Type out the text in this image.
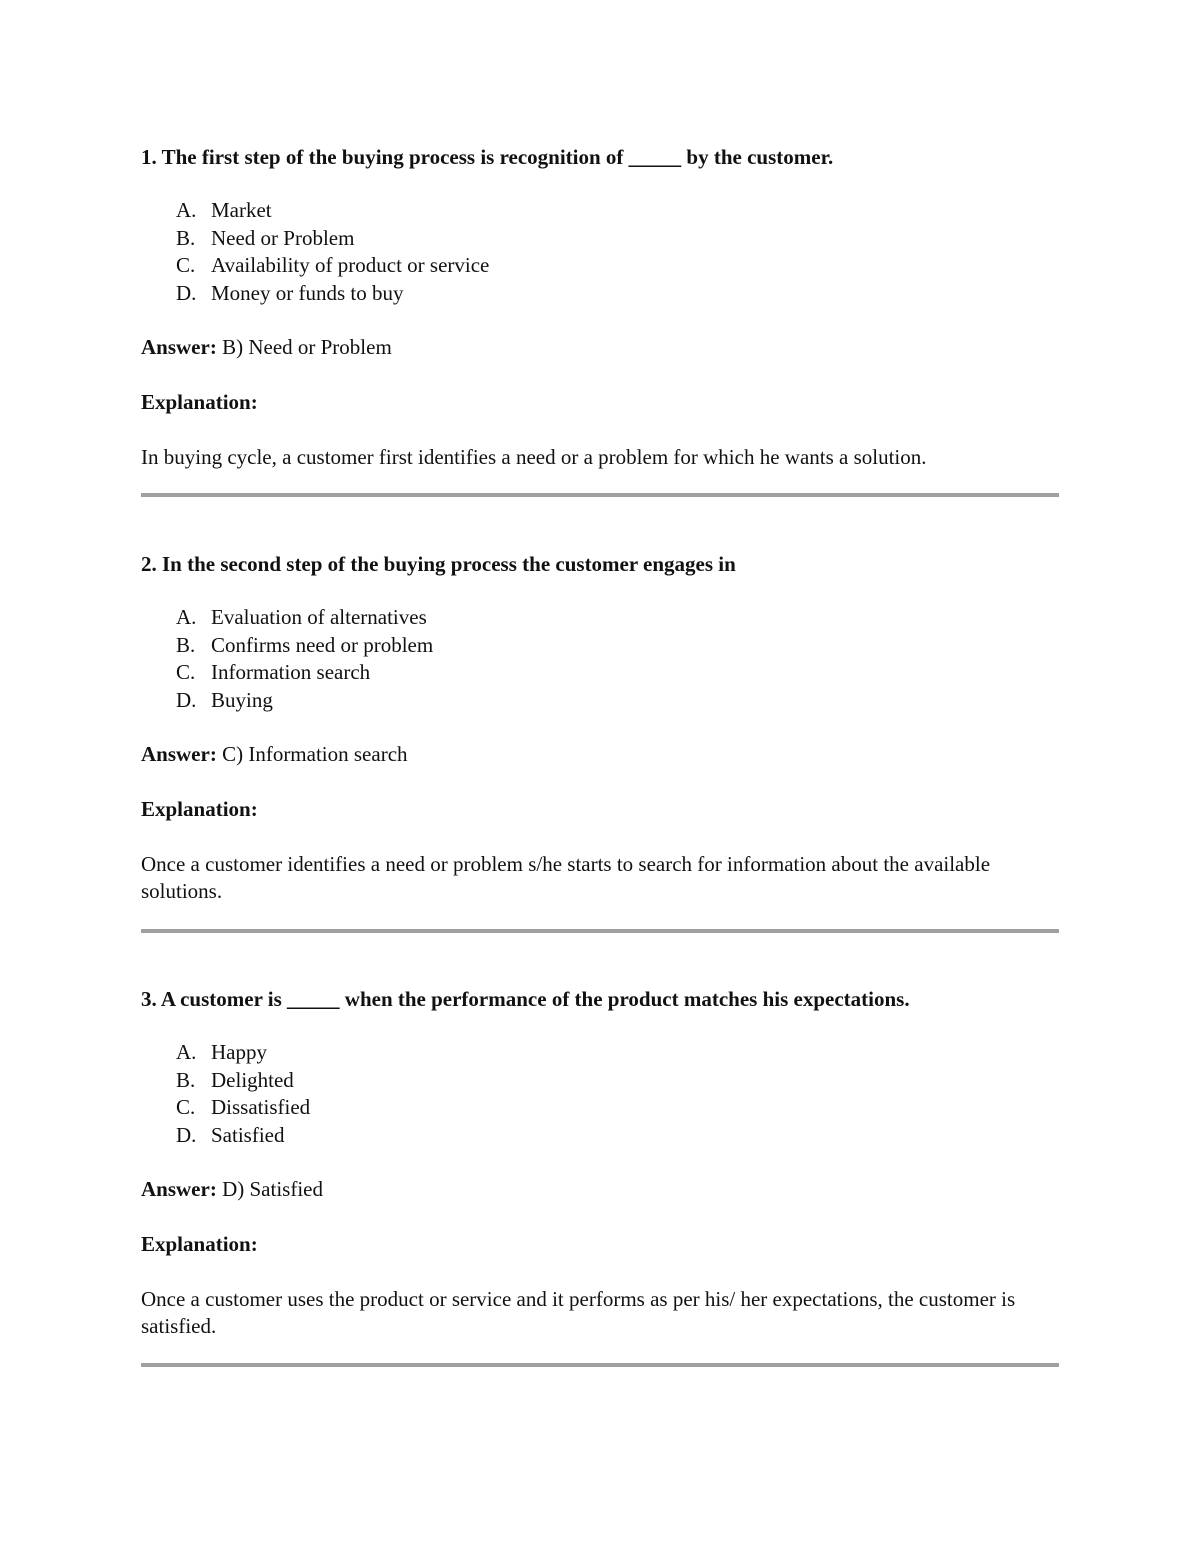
1. The first step of the buying process is recognition of _____ by the customer.

A. Market
B. Need or Problem
C. Availability of product or service
D. Money or funds to buy

Answer: B) Need or Problem

Explanation:

In buying cycle, a customer first identifies a need or a problem for which he wants a solution.

2. In the second step of the buying process the customer engages in

A. Evaluation of alternatives
B. Confirms need or problem
C. Information search
D. Buying

Answer: C) Information search

Explanation:

Once a customer identifies a need or problem s/he starts to search for information about the available solutions.

3. A customer is _____ when the performance of the product matches his expectations.

A. Happy
B. Delighted
C. Dissatisfied
D. Satisfied

Answer: D) Satisfied

Explanation:

Once a customer uses the product or service and it performs as per his/ her expectations, the customer is satisfied.
